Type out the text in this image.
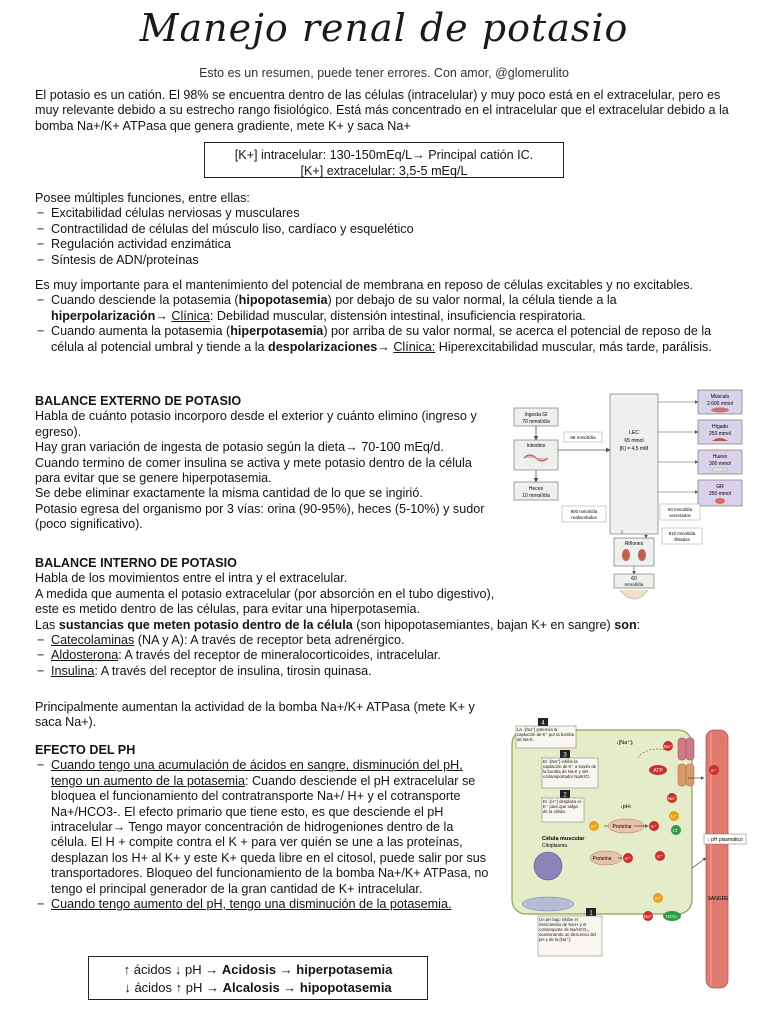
Manejo renal de potasio
Esto es un resumen, puede tener errores. Con amor, @glomerulito

El potasio es un catión. El 98% se encuentra dentro de las células (intracelular) y muy poco está en el extracelular, pero es muy relevante debido a su estrecho rango fisiológico. Está más concentrado en el intracelular que el extracelular debido a la bomba Na+/K+ ATPasa que genera gradiente, mete K+ y saca Na+

[K+] intracelular: 130-150mEq/L→ Principal catión IC.
[K+] extracelular: 3,5-5 mEq/L
Posee múltiples funciones, entre ellas:
− Excitabilidad células nerviosas y musculares
− Contractilidad de células del músculo liso, cardíaco y esquelético
− Regulación actividad enzimática
− Síntesis de ADN/proteínas
Es muy importante para el mantenimiento del potencial de membrana en reposo de células excitables y no excitables.
− Cuando desciende la potasemia (hipopotasemia) por debajo de su valor normal, la célula tiende a la hiperpolarización→ Clínica: Debilidad muscular, distensión intestinal, insuficiencia respiratoria.
− Cuando aumenta la potasemia (hiperpotasemia) por arriba de su valor normal, se acerca el potencial de reposo de la célula al potencial umbral y tiende a la despolarizaciones→ Clínica: Hiperexcitabilidad muscular, más tarde, parálisis.
BALANCE EXTERNO DE POTASIO
Habla de cuánto potasio incorporo desde el exterior y cuánto elimino (ingreso y egreso).
Hay gran variación de ingesta de potasio según la dieta→ 70-100 mEq/d.
Cuando termino de comer insulina se activa y mete potasio dentro de la célula para evitar que se genere hiperpotasemia.
Se debe eliminar exactamente la misma cantidad de lo que se ingirió.
Potasio egresa del organismo por 3 vías: orina (90-95%), heces (5-10%) y sudor (poco significativo).
BALANCE INTERNO DE POTASIO
Habla de los movimientos entre el intra y el extracelular.
A medida que aumenta el potasio extracelular (por absorción en el tubo digestivo), este es metido dentro de las células, para evitar una hiperpotasemia.
Las sustancias que meten potasio dentro de la célula (son hipopotasemiantes, bajan K+ en sangre) son:
− Catecolaminas (NA y A): A través de receptor beta adrenérgico.
− Aldosterona: A través del receptor de mineralocorticoides, intracelular.
− Insulina: A través del receptor de insulina, tirosin quinasa.

Principalmente aumentan la actividad de la bomba Na+/K+ ATPasa (mete K+ y saca Na+).

EFECTO DEL PH
− Cuando tengo una acumulación de ácidos en sangre, disminución del pH, tengo un aumento de la potasemia: Cuando desciende el pH extracelular se bloquea el funcionamiento del contratransporte Na+/ H+ y el cotransporte Na+/HCO3-. El efecto primario que tiene esto, es que desciende el pH intracelular→ Tengo mayor concentración de hidrogeniones dentro de la célula. El H + compite contra el K + para ver quién se une a las proteínas, desplazan los H+ al K+ y este K+ queda libre en el citosol, puede salir por sus transportadores. Bloqueo del funcionamiento de la bomba Na+/K+ ATPasa, no tengo el principal generador de la gran cantidad de K+ intracelular.
− Cuando tengo aumento del pH, tengo una disminución de la potasemia.
↑ ácidos ↓ pH → Acidosis → hiperpotasemia
↓ ácidos ↑ pH → Alcalosis → hipopotasemia
Ingesta GI
70 mmol/día
Intestino
Heces
10 mmol/día
68 mmol/día
LEC
65 mmol
[K] = 4,5 mM
Músculo
2.600 mmol
Hígado
250 mmol
Hueso
300 mmol
GR
250 mmol
800 mmol/día
reabsorbidos
50 mmol/día
secretados
810 mmol/día
filtrados
Riñones
60
mmol/día
4
La ↓[Na⁺] potencia la captación de K⁺ por la bomba de Na-K.
3
El ↑[Na⁺] inhibe la captación de K⁺ a través de la bomba de Na-K y del cotransportador Na/K/Cl.
2
El ↑[H⁺] desplaza el K⁺ para que salga de la célula.
↓[Na⁺]ᵢ
↓pHᵢ
ATP
Proteína
Proteína
Célula muscular
Citoplasma
K⁺
Na⁺
H⁺	K⁺
K⁺
Na⁺
H⁺
Cl⁻
K⁺
H⁺
Na⁺	HCO₃
↓ pH plasmático
SANGRE
1
Un pH bajo inhibe el intercambio de Na-H y el cotransporte de Na/HCO₃, ocasionando un descenso del pH y de la [Na⁺].
